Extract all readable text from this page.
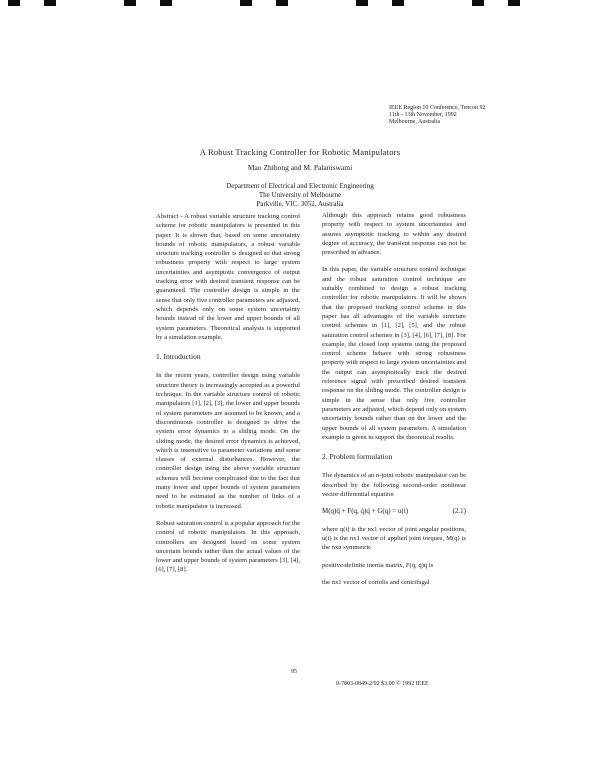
IEEE Region 10 Conference, Tencon 92
11th - 13th November, 1992
Melbourne, Australia
A Robust Tracking Controller for Robotic Manipulators
Mao Zhihong and M. Palaniswami
Department of Electrical and Electronic Engineering
The University of Melbourne
Parkville, VIC. 3052, Australia

Abstract - A robust variable structure tracking control scheme for robotic manipulators is presented in this paper. It is shown that, based on some uncertainty bounds of robotic manipulators, a robust variable structure tracking controller is designed so that strong robustness property with respect to large system uncertainties and asymptotic convergence of output tracking error with desired transient response can be guaranteed. The controller design is simple in the sense that only five controller parameters are adjusted, which depends only on some system uncertainty bounds instead of the lower and upper bounds of all system parameters. Theoretical analysis is supported by a simulation example.

1. Introduction

In the recent years, controller design using variable structure theory is increasingly accepted as a powerful technique. In the variable structure control of robotic manipulators [1], [2], [3], the lower and upper bounds of system parameters are assumed to be known, and a discontinuous controller is designed to drive the system error dynamics to a sliding mode. On the sliding mode, the desired error dynamics is achieved, which is insensitive to parameter variations and some classes of external disturbances. However, the controller design using the above variable structure schemes will become complicated due to the fact that many lower and upper bounds of system parameters need to be estimated as the number of links of a robotic manipulator is increased.

Robust saturation control is a popular approach for the control of robotic manipulators. In this approach, controllers are designed based on some system uncertain bounds rather than the actual values of the lower and upper bounds of system parameters [3], [4], [6], [7], [8].

Although this approach retains good robustness property with respect to system uncertainties and assures asymptotic tracking to within any desired degree of accuracy, the transient response can not be prescribed in advance.

In this paper, the variable structure control technique and the robust saturation control technique are suitably combined to design a robust tracking controller for robotic manipulators. It will be shown that the proposed tracking control scheme in this paper has all advantages of the variable structure control schemes in [1], [2], [5], and the robust saturation control schemes in [3], [4], [6], [7], [8]. For example, the closed loop systems using the proposed control scheme behave with strong robustness property with respect to large system uncertainties and the output can asymptotically track the desired reference signal with prescribed desired transient response on the sliding mode. The controller design is simple in the sense that only five controller parameters are adjusted, which depend only on system uncertainty bounds rather than on the lower and the upper bounds of all system parameters. A simulation example is given to support the theoretical results.

2. Problem formulation

The dynamics of an n-joint robotic manipulator can be described by the following second-order nonlinear vector differential equation

M(q)q̈ + F(q, q̇)q̇ + G(q) = u(t)	(2.1)

where q(t) is the nx1 vector of joint angular positions, u(t) is the nx1 vector of applied joint torques, M(q) is the nxn symmetric

positive-definite inertia matrix, F(q, q̇)q̇ is

the nx1 vector of coriolis and centrifugal

95
0-7803-0849-2/92 $3.00 © 1992 IEEE
